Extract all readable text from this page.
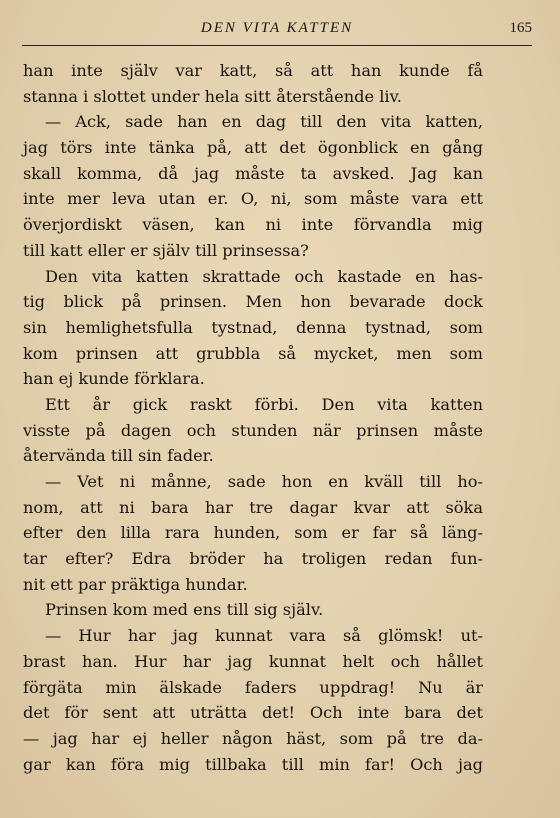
DEN VITA KATTEN	165
han inte själv var katt, så att han kunde få
stanna i slottet under hela sitt återstående liv.
— Ack, sade han en dag till den vita katten,
jag törs inte tänka på, att det ögonblick en gång
skall komma, då jag måste ta avsked. Jag kan
inte mer leva utan er. O, ni, som måste vara ett
överjordiskt väsen, kan ni inte förvandla mig
till katt eller er själv till prinsessa?
Den vita katten skrattade och kastade en has-
tig blick på prinsen. Men hon bevarade dock
sin hemlighetsfulla tystnad, denna tystnad, som
kom prinsen att grubbla så mycket, men som
han ej kunde förklara.
Ett år gick raskt förbi. Den vita katten
visste på dagen och stunden när prinsen måste
återvända till sin fader.
— Vet ni månne, sade hon en kväll till ho-
nom, att ni bara har tre dagar kvar att söka
efter den lilla rara hunden, som er far så läng-
tar efter? Edra bröder ha troligen redan fun-
nit ett par präktiga hundar.
Prinsen kom med ens till sig själv.
— Hur har jag kunnat vara så glömsk! ut-
brast han. Hur har jag kunnat helt och hållet
förgäta min älskade faders uppdrag! Nu är
det för sent att uträtta det! Och inte bara det
— jag har ej heller någon häst, som på tre da-
gar kan föra mig tillbaka till min far! Och jag
